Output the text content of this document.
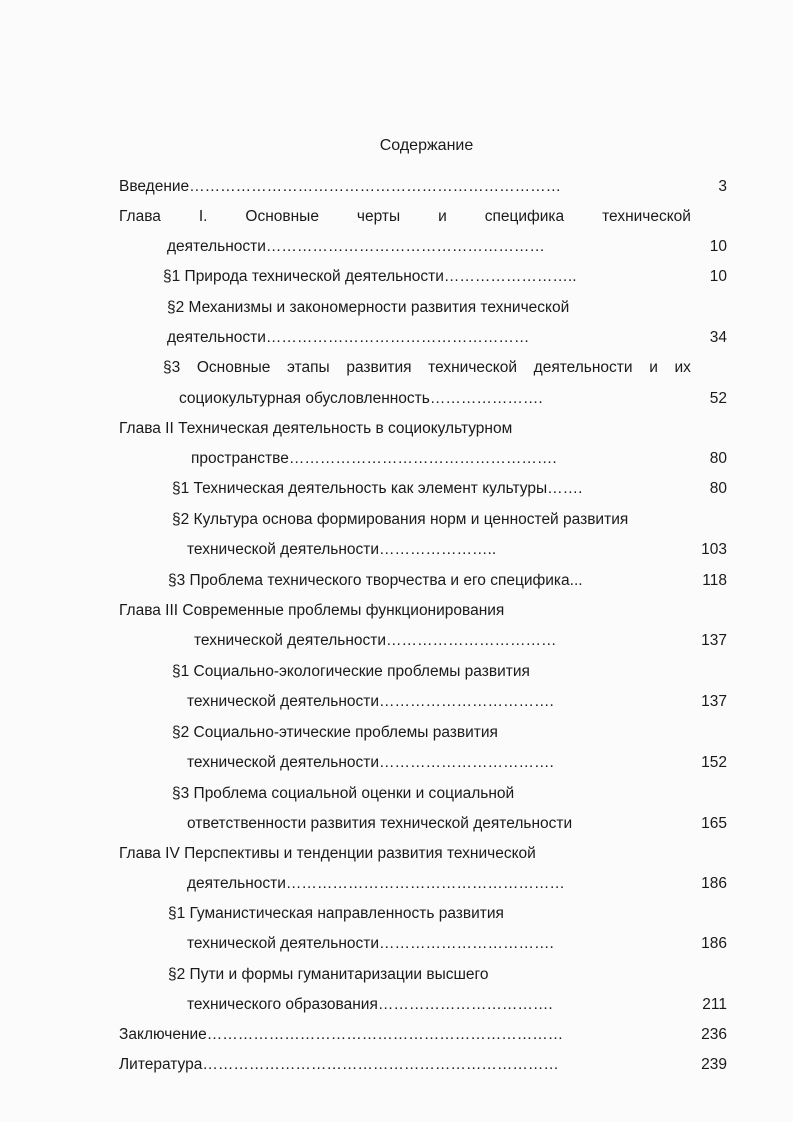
Содержание
Введение………………………………………………………………	3
Глава I. Основные черты и специфика технической
деятельности………………………………………………	10
§1 Природа технической деятельности……………………..	10
§2 Механизмы и закономерности развития технической
деятельности……………………………………………	34
§3 Основные этапы развития технической деятельности и их
социокультурная обусловленность………………….	52
Глава II Техническая деятельность в социокультурном
пространстве…………………………………………….	80
§1 Техническая деятельность как элемент культуры…….	80
§2 Культура основа формирования норм и ценностей развития
технической деятельности…………………..	103
§3 Проблема технического творчества и его специфика...	118
Глава III Современные проблемы функционирования
технической деятельности……………………………	137
§1 Социально-экологические проблемы развития
технической деятельности…………………………….	137
§2 Социально-этические проблемы развития
технической деятельности…………………………….	152
§3 Проблема социальной оценки и социальной
ответственности развития технической деятельности	165
Глава IV Перспективы и тенденции развития технической
деятельности………………………………………………	186
§1 Гуманистическая направленность развития
технической деятельности…………………………….	186
§2 Пути и формы гуманитаризации высшего
технического образования…………………………….	211
Заключение……………………………………………………………	236
Литература……………………………………………………………	239
